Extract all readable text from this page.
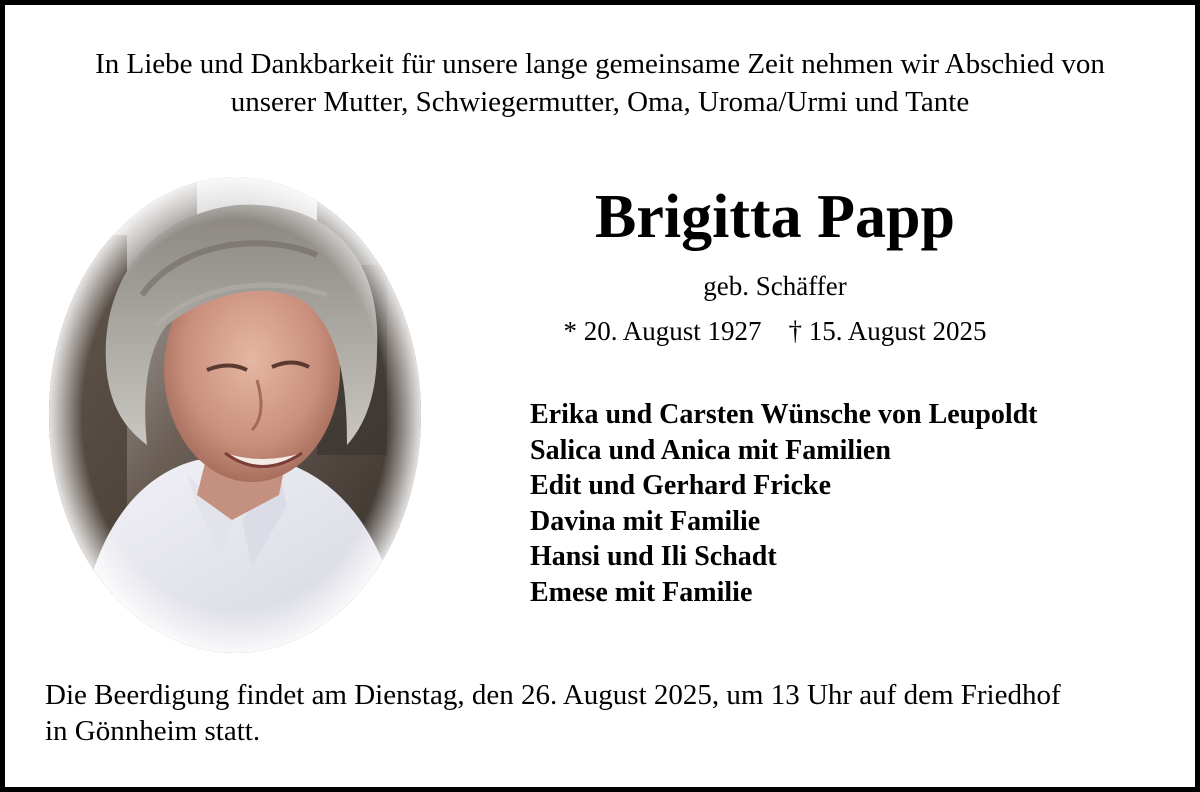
In Liebe und Dankbarkeit für unsere lange gemeinsame Zeit nehmen wir Abschied von
unserer Mutter, Schwiegermutter, Oma, Uroma/Urmi und Tante
Brigitta Papp
geb. Schäffer
* 20. August 1927 † 15. August 2025
Erika und Carsten Wünsche von Leupoldt
Salica und Anica mit Familien
Edit und Gerhard Fricke
Davina mit Familie
Hansi und Ili Schadt
Emese mit Familie
Die Beerdigung findet am Dienstag, den 26. August 2025, um 13 Uhr auf dem Friedhof
in Gönnheim statt.
